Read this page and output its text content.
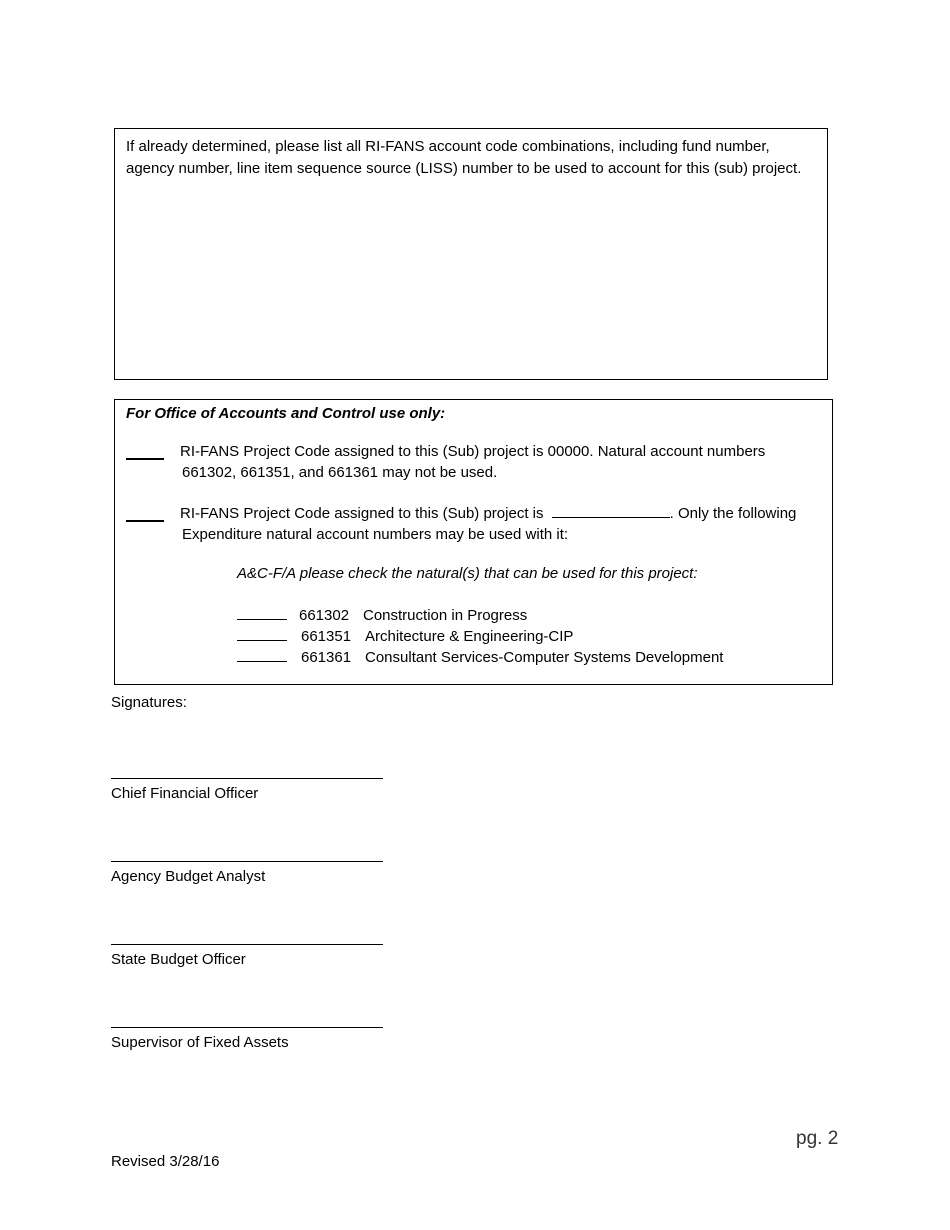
If already determined, please list all RI-FANS account code combinations, including fund number, agency number, line item sequence source (LISS) number to be used to account for this (sub) project.

For Office of Accounts and Control use only:
RI-FANS Project Code assigned to this (Sub) project is 00000. Natural account numbers
661302, 661351, and 661361 may not be used.
RI-FANS Project Code assigned to this (Sub) project is	. Only the following
Expenditure natural account numbers may be used with it:
A&C-F/A please check the natural(s) that can be used for this project:
661302 Construction in Progress
661351 Architecture & Engineering-CIP
661361 Consultant Services-Computer Systems Development
Signatures:
Chief Financial Officer
Agency Budget Analyst
State Budget Officer
Supervisor of Fixed Assets
pg. 2
Revised 3/28/16
